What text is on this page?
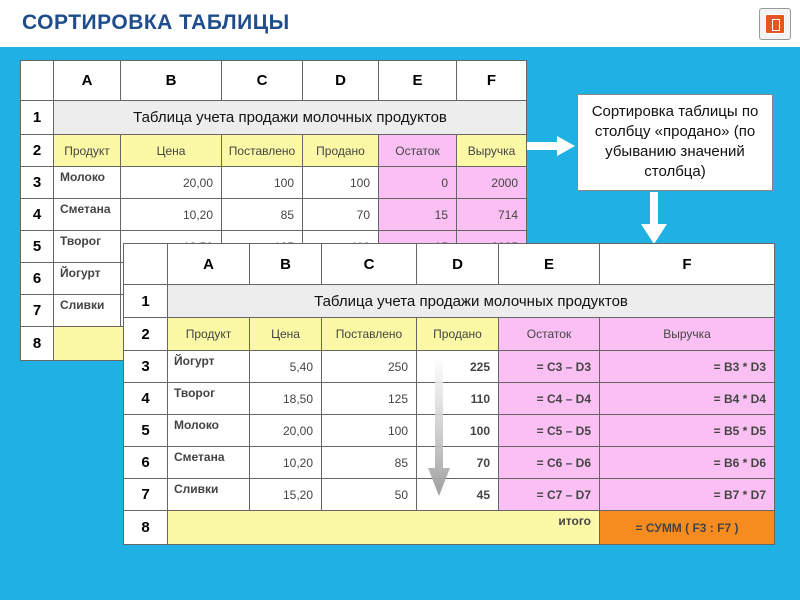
СОРТИРОВКА ТАБЛИЦЫ
	A	B	C	D	E	F
1	Таблица учета продажи молочных продуктов					
2	Продукт	Цена	Поставлено	Продано	Остаток	Выручка
3	Молоко	20,00	100	100	0	2000
4	Сметана	10,20	85	70	15	714
5	Творог					
6	Йогурт					
7	Сливки					
8						
Сортировка таблицы по столбцу «продано» (по убыванию значений столбца)
	A	B	C	D	E	F
1	Таблица учета продажи молочных продуктов					
2	Продукт	Цена	Поставлено	Продано	Остаток	Выручка
3	Йогурт	5,40	250	225	= C3 – D3	= B3 * D3
4	Творог	18,50	125	110	= C4 – D4	= B4 * D4
5	Молоко	20,00	100	100	= C5 – D5	= B5 * D5
6	Сметана	10,20	85	70	= C6 – D6	= B6 * D6
7	Сливки	15,20	50	45	= C7 – D7	= B7 * D7
8	итого					= СУММ ( F3 : F7 )
